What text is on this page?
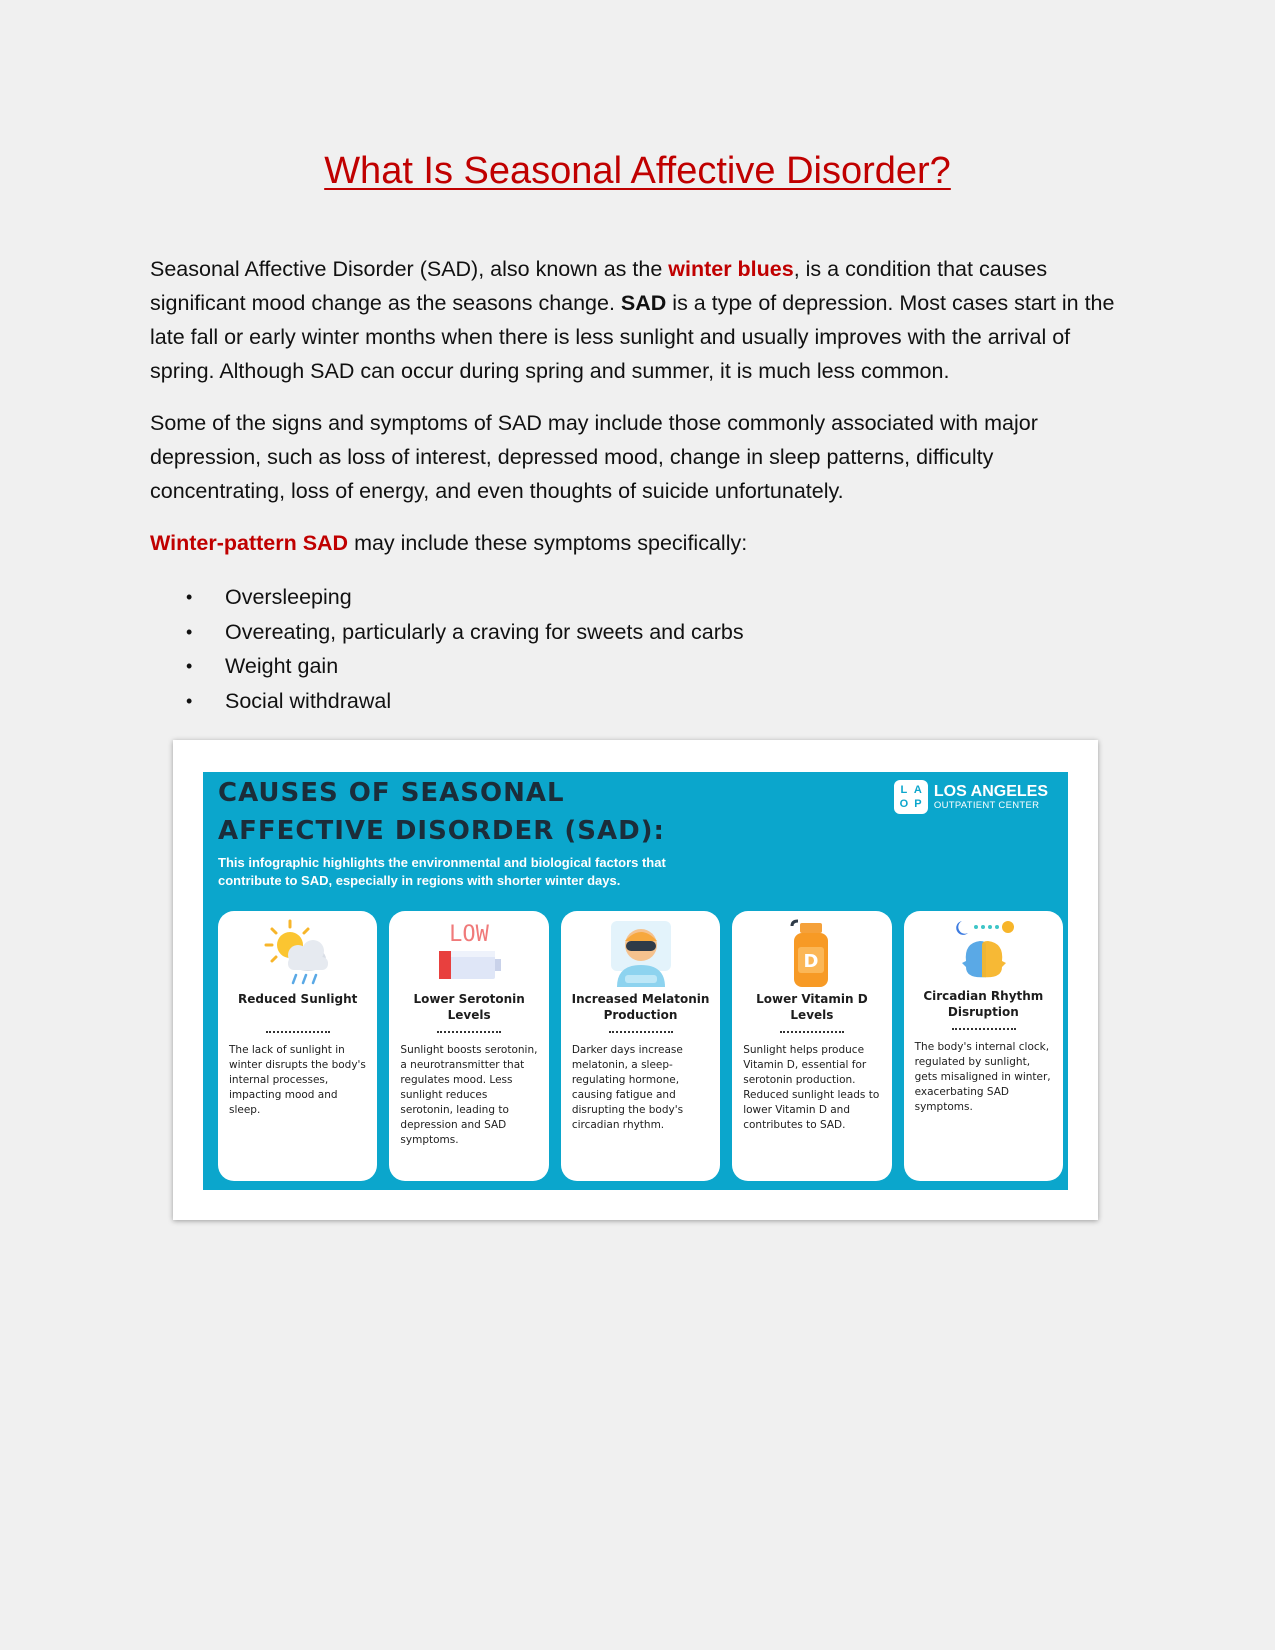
What Is Seasonal Affective Disorder?

Seasonal Affective Disorder (SAD), also known as the winter blues, is a condition that causes significant mood change as the seasons change. SAD is a type of depression. Most cases start in the late fall or early winter months when there is less sunlight and usually improves with the arrival of spring. Although SAD can occur during spring and summer, it is much less common.

Some of the signs and symptoms of SAD may include those commonly associated with major depression, such as loss of interest, depressed mood, change in sleep patterns, difficulty concentrating, loss of energy, and even thoughts of suicide unfortunately.

Winter-pattern SAD may include these symptoms specifically:

• Oversleeping
• Overeating, particularly a craving for sweets and carbs
• Weight gain
• Social withdrawal
CAUSES OF SEASONAL
AFFECTIVE DISORDER (SAD):

This infographic highlights the environmental and biological factors that contribute to SAD, especially in regions with shorter winter days.

L A
O P
LOS ANGELES
OUTPATIENT CENTER
Reduced Sunlight
The lack of sunlight in winter disrupts the body's internal processes, impacting mood and sleep.
LOW
Lower Serotonin Levels
Sunlight boosts serotonin, a neurotransmitter that regulates mood. Less sunlight reduces serotonin, leading to depression and SAD symptoms.
Increased Melatonin Production
Darker days increase melatonin, a sleep-regulating hormone, causing fatigue and disrupting the body's circadian rhythm.
D
Lower Vitamin D Levels
Sunlight helps produce Vitamin D, essential for serotonin production. Reduced sunlight leads to lower Vitamin D and contributes to SAD.
Circadian Rhythm Disruption
The body's internal clock, regulated by sunlight, gets misaligned in winter, exacerbating SAD symptoms.
